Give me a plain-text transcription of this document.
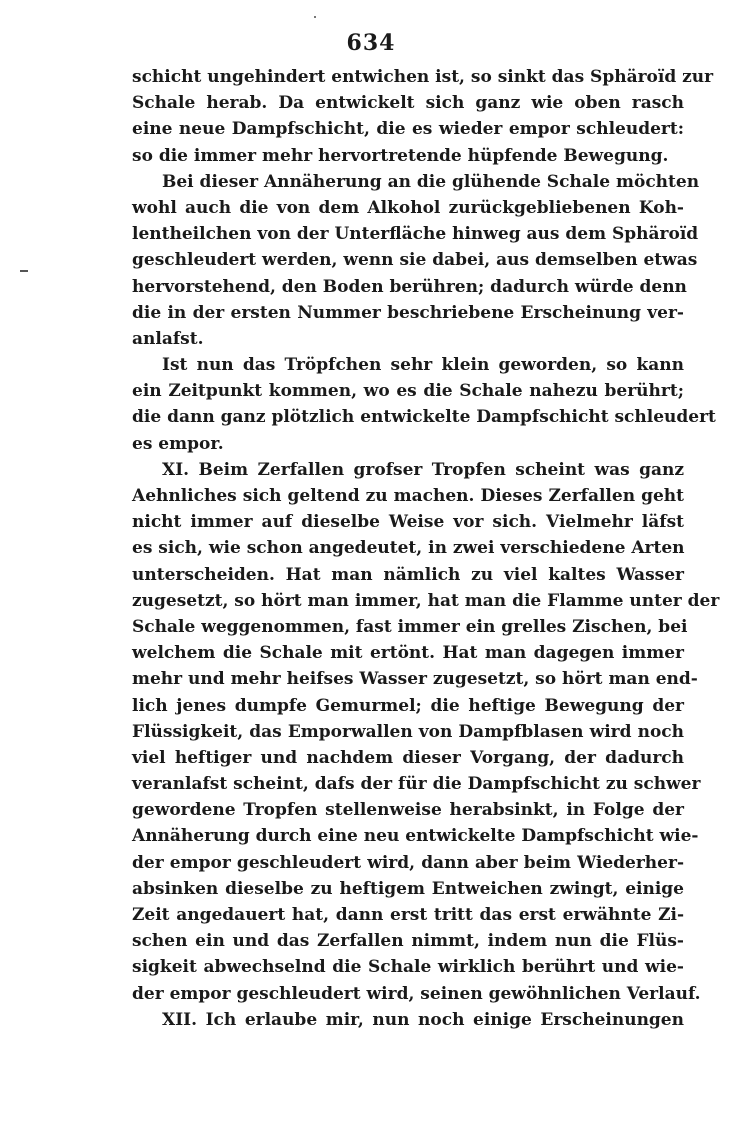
634
schicht ungehindert entwichen ist, so sinkt das Sphäroïd zur
Schale herab. Da entwickelt sich ganz wie oben rasch
eine neue Dampfschicht, die es wieder empor schleudert:
so die immer mehr hervortretende hüpfende Bewegung.
Bei dieser Annäherung an die glühende Schale möchten
wohl auch die von dem Alkohol zurückgebliebenen Koh-
lentheilchen von der Unterfläche hinweg aus dem Sphäroïd
geschleudert werden, wenn sie dabei, aus demselben etwas
hervorstehend, den Boden berühren; dadurch würde denn
die in der ersten Nummer beschriebene Erscheinung ver-
anlafst.
Ist nun das Tröpfchen sehr klein geworden, so kann
ein Zeitpunkt kommen, wo es die Schale nahezu berührt;
die dann ganz plötzlich entwickelte Dampfschicht schleudert
es empor.
XI. Beim Zerfallen grofser Tropfen scheint was ganz
Aehnliches sich geltend zu machen. Dieses Zerfallen geht
nicht immer auf dieselbe Weise vor sich. Vielmehr läfst
es sich, wie schon angedeutet, in zwei verschiedene Arten
unterscheiden. Hat man nämlich zu viel kaltes Wasser
zugesetzt, so hört man immer, hat man die Flamme unter der
Schale weggenommen, fast immer ein grelles Zischen, bei
welchem die Schale mit ertönt. Hat man dagegen immer
mehr und mehr heifses Wasser zugesetzt, so hört man end-
lich jenes dumpfe Gemurmel; die heftige Bewegung der
Flüssigkeit, das Emporwallen von Dampfblasen wird noch
viel heftiger und nachdem dieser Vorgang, der dadurch
veranlafst scheint, dafs der für die Dampfschicht zu schwer
gewordene Tropfen stellenweise herabsinkt, in Folge der
Annäherung durch eine neu entwickelte Dampfschicht wie-
der empor geschleudert wird, dann aber beim Wiederher-
absinken dieselbe zu heftigem Entweichen zwingt, einige
Zeit angedauert hat, dann erst tritt das erst erwähnte Zi-
schen ein und das Zerfallen nimmt, indem nun die Flüs-
sigkeit abwechselnd die Schale wirklich berührt und wie-
der empor geschleudert wird, seinen gewöhnlichen Verlauf.
XII. Ich erlaube mir, nun noch einige Erscheinungen
